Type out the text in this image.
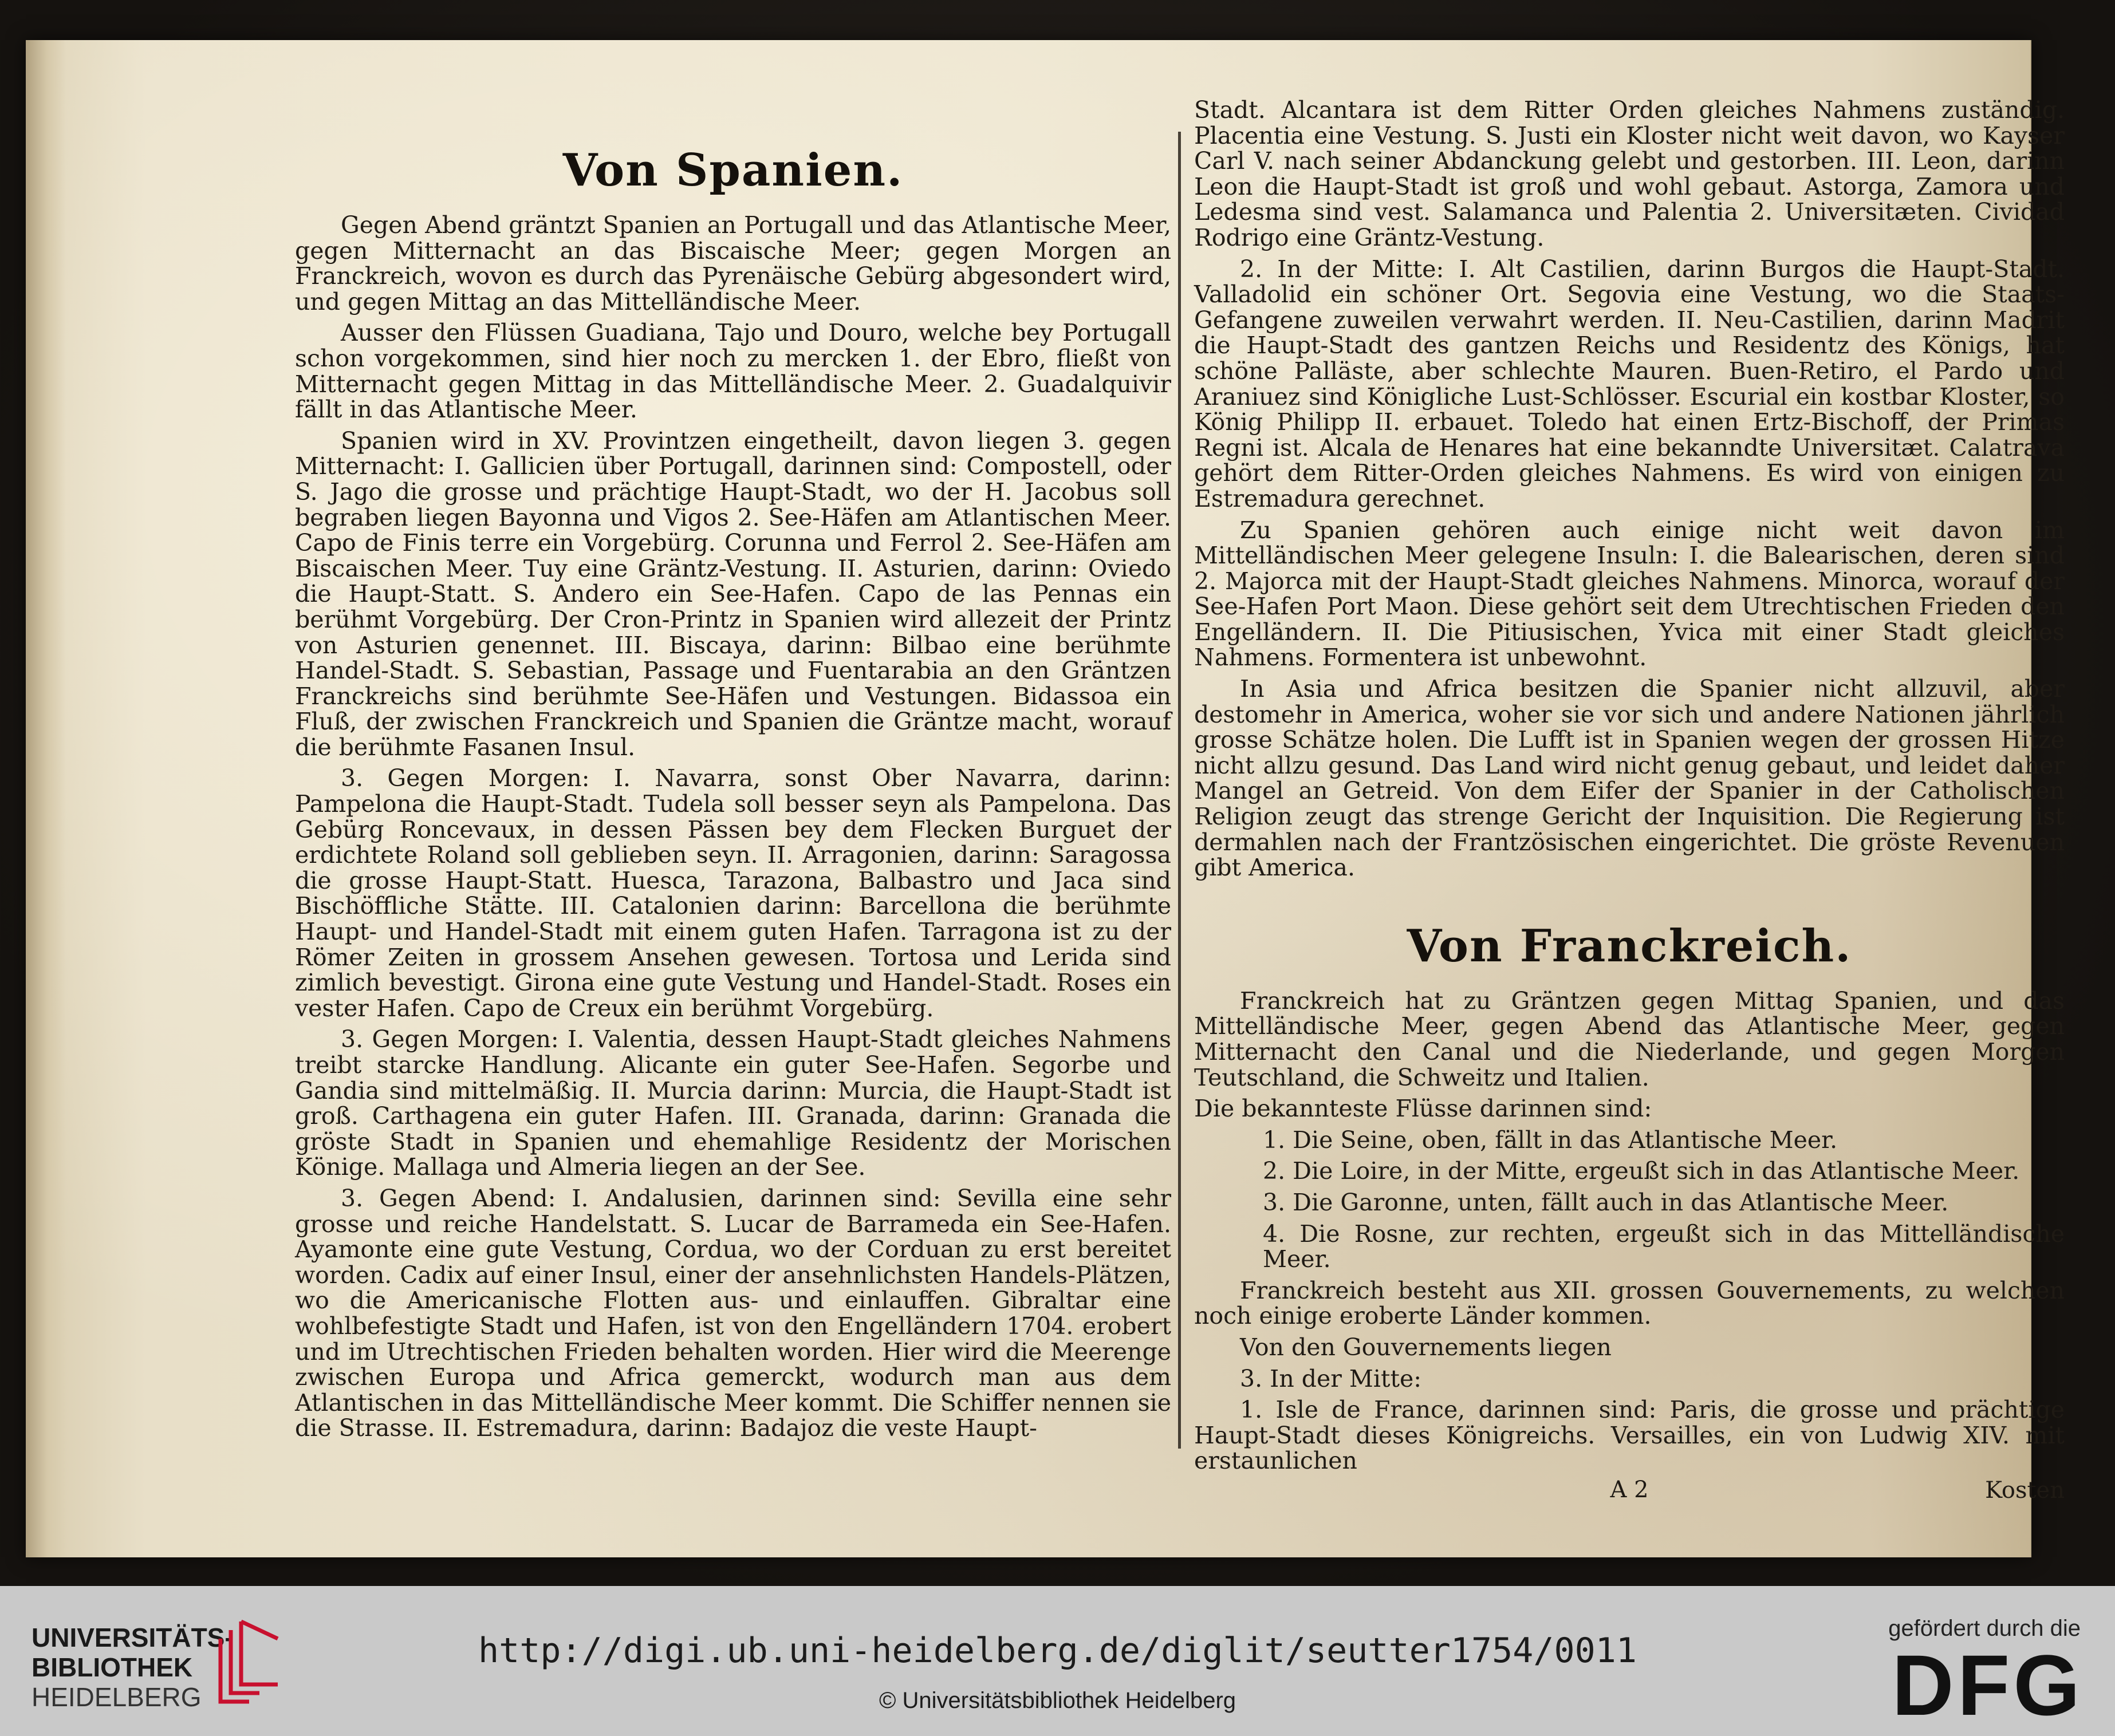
Von Spanien.

Gegen Abend gräntzt Spanien an Portugall und das Atlantische Meer, gegen Mitternacht an das Biscaische Meer; gegen Morgen an Franckreich, wovon es durch das Pyrenäische Gebürg abgesondert wird, und gegen Mittag an das Mittelländische Meer.

Ausser den Flüssen Guadiana, Tajo und Douro, welche bey Portugall schon vorgekommen, sind hier noch zu mercken 1. der Ebro, fließt von Mitternacht gegen Mittag in das Mittelländische Meer. 2. Guadalquivir fällt in das Atlantische Meer.

Spanien wird in XV. Provintzen eingetheilt, davon liegen 3. gegen Mitternacht: I. Gallicien über Portugall, darinnen sind: Compostell, oder S. Jago die grosse und prächtige Haupt-Stadt, wo der H. Jacobus soll begraben liegen Bayonna und Vigos 2. See-Häfen am Atlantischen Meer. Capo de Finis terre ein Vorgebürg. Corunna und Ferrol 2. See-Häfen am Biscaischen Meer. Tuy eine Gräntz-Vestung. II. Asturien, darinn: Oviedo die Haupt-Statt. S. Andero ein See-Hafen. Capo de las Pennas ein berühmt Vorgebürg. Der Cron-Printz in Spanien wird allezeit der Printz von Asturien genennet. III. Biscaya, darinn: Bilbao eine berühmte Handel-Stadt. S. Sebastian, Passage und Fuentarabia an den Gräntzen Franckreichs sind berühmte See-Häfen und Vestungen. Bidassoa ein Fluß, der zwischen Franckreich und Spanien die Gräntze macht, worauf die berühmte Fasanen Insul.

3. Gegen Morgen: I. Navarra, sonst Ober Navarra, darinn: Pampelona die Haupt-Stadt. Tudela soll besser seyn als Pampelona. Das Gebürg Roncevaux, in dessen Pässen bey dem Flecken Burguet der erdichtete Roland soll geblieben seyn. II. Arragonien, darinn: Saragossa die grosse Haupt-Statt. Huesca, Tarazona, Balbastro und Jaca sind Bischöffliche Stätte. III. Catalonien darinn: Barcellona die berühmte Haupt- und Handel-Stadt mit einem guten Hafen. Tarragona ist zu der Römer Zeiten in grossem Ansehen gewesen. Tortosa und Lerida sind zimlich bevestigt. Girona eine gute Vestung und Handel-Stadt. Roses ein vester Hafen. Capo de Creux ein berühmt Vorgebürg.

3. Gegen Morgen: I. Valentia, dessen Haupt-Stadt gleiches Nahmens treibt starcke Handlung. Alicante ein guter See-Hafen. Segorbe und Gandia sind mittelmäßig. II. Murcia darinn: Murcia, die Haupt-Stadt ist groß. Carthagena ein guter Hafen. III. Granada, darinn: Granada die gröste Stadt in Spanien und ehemahlige Residentz der Morischen Könige. Mallaga und Almeria liegen an der See.

3. Gegen Abend: I. Andalusien, darinnen sind: Sevilla eine sehr grosse und reiche Handelstatt. S. Lucar de Barrameda ein See-Hafen. Ayamonte eine gute Vestung, Cordua, wo der Corduan zu erst bereitet worden. Cadix auf einer Insul, einer der ansehnlichsten Handels-Plätzen, wo die Americanische Flotten aus- und einlauffen. Gibraltar eine wohlbefestigte Stadt und Hafen, ist von den Engelländern 1704. erobert und im Utrechtischen Frieden behalten worden. Hier wird die Meerenge zwischen Europa und Africa gemerckt, wodurch man aus dem Atlantischen in das Mittelländische Meer kommt. Die Schiffer nennen sie die Strasse. II. Estremadura, darinn: Badajoz die veste Haupt-

Stadt. Alcantara ist dem Ritter Orden gleiches Nahmens zuständig. Placentia eine Vestung. S. Justi ein Kloster nicht weit davon, wo Kayser Carl V. nach seiner Abdanckung gelebt und gestorben. III. Leon, darinn Leon die Haupt-Stadt ist groß und wohl gebaut. Astorga, Zamora und Ledesma sind vest. Salamanca und Palentia 2. Universitæten. Cividad Rodrigo eine Gräntz-Vestung.

2. In der Mitte: I. Alt Castilien, darinn Burgos die Haupt-Stadt. Valladolid ein schöner Ort. Segovia eine Vestung, wo die Staats-Gefangene zuweilen verwahrt werden. II. Neu-Castilien, darinn Madrit die Haupt-Stadt des gantzen Reichs und Residentz des Königs, hat schöne Palläste, aber schlechte Mauren. Buen-Retiro, el Pardo und Araniuez sind Königliche Lust-Schlösser. Escurial ein kostbar Kloster, so König Philipp II. erbauet. Toledo hat einen Ertz-Bischoff, der Primas Regni ist. Alcala de Henares hat eine bekanndte Universitæt. Calatrava gehört dem Ritter-Orden gleiches Nahmens. Es wird von einigen zu Estremadura gerechnet.

Zu Spanien gehören auch einige nicht weit davon im Mittelländischen Meer gelegene Insuln: I. die Balearischen, deren sind 2. Majorca mit der Haupt-Stadt gleiches Nahmens. Minorca, worauf der See-Hafen Port Maon. Diese gehört seit dem Utrechtischen Frieden den Engelländern. II. Die Pitiusischen, Yvica mit einer Stadt gleiches Nahmens. Formentera ist unbewohnt.

In Asia und Africa besitzen die Spanier nicht allzuvil, aber destomehr in America, woher sie vor sich und andere Nationen jährlich grosse Schätze holen. Die Lufft ist in Spanien wegen der grossen Hitze nicht allzu gesund. Das Land wird nicht genug gebaut, und leidet daher Mangel an Getreid. Von dem Eifer der Spanier in der Catholischen Religion zeugt das strenge Gericht der Inquisition. Die Regierung ist dermahlen nach der Frantzösischen eingerichtet. Die gröste Revenuen gibt America.

Von Franckreich.

Franckreich hat zu Gräntzen gegen Mittag Spanien, und das Mittelländische Meer, gegen Abend das Atlantische Meer, gegen Mitternacht den Canal und die Niederlande, und gegen Morgen Teutschland, die Schweitz und Italien.

Die bekannteste Flüsse darinnen sind:

1. Die Seine, oben, fällt in das Atlantische Meer.

2. Die Loire, in der Mitte, ergeußt sich in das Atlantische Meer.

3. Die Garonne, unten, fällt auch in das Atlantische Meer.

4. Die Rosne, zur rechten, ergeußt sich in das Mittelländische Meer.

Franckreich besteht aus XII. grossen Gouvernements, zu welchen noch einige eroberte Länder kommen.

Von den Gouvernements liegen

3. In der Mitte:

1. Isle de France, darinnen sind: Paris, die grosse und prächtige Haupt-Stadt dieses Königreichs. Versailles, ein von Ludwig XIV. mit erstaunlichen

A 2	Kosten
UNIVERSITÄTS-
BIBLIOTHEK
HEIDELBERG
http://digi.ub.uni-heidelberg.de/diglit/seutter1754/0011
© Universitätsbibliothek Heidelberg
gefördert durch die
DFG
